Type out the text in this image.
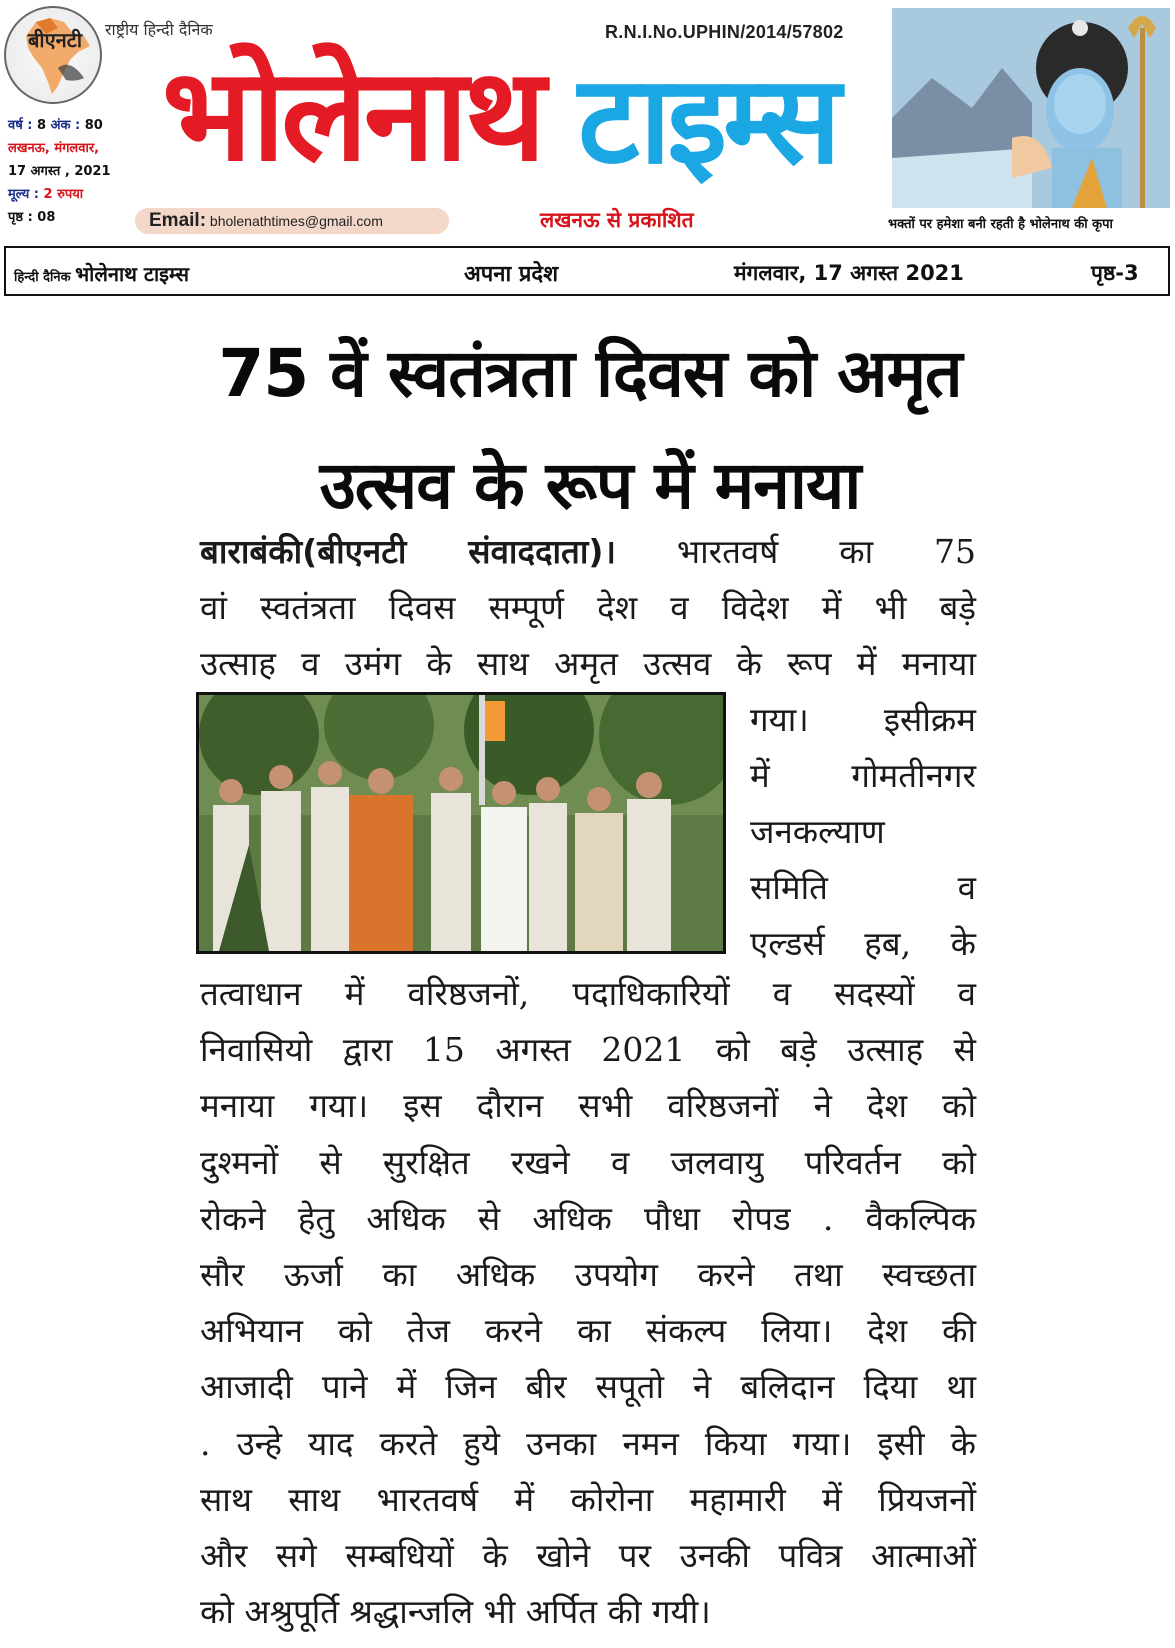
बीएनटी राष्ट्रीय हिन्दी दैनिक	R.N.I.No.UPHIN/2014/57802
वर्ष : 8 अंक : 80
लखनऊ, मंगलवार,
17 अगस्त , 2021
मूल्य : 2 रुपया
पृष्ठ : 08
भोलेनाथ टाइम्स
Email: bholenathtimes@gmail.com	लखनऊ से प्रकाशित	भक्तों पर हमेशा बनी रहती है भोलेनाथ की कृपा
हिन्दी दैनिक भोलेनाथ टाइम्स	अपना प्रदेश	मंगलवार, 17 अगस्त 2021	पृष्ठ-3
75 वें स्वतंत्रता दिवस को अमृत
उत्सव के रूप में मनाया
बाराबंकी(बीएनटी संवाददाता)। भारतवर्ष का 75
वां स्वतंत्रता दिवस सम्पूर्ण देश व विदेश में भी बड़े
उत्साह व उमंग के साथ अमृत उत्सव के रूप में मनाया
गया। इसीक्रम
में गोमतीनगर
जनकल्याण
समिति व
एल्डर्स हब, के
तत्वाधान में वरिष्ठजनों, पदाधिकारियों व सदस्यों व
निवासियो द्वारा 15 अगस्त 2021 को बड़े उत्साह से
मनाया गया। इस दौरान सभी वरिष्ठजनों ने देश को
दुश्मनों से सुरक्षित रखने व जलवायु परिवर्तन को
रोकने हेतु अधिक से अधिक पौधा रोपड . वैकल्पिक
सौर ऊर्जा का अधिक उपयोग करने तथा स्वच्छता
अभियान को तेज करने का संकल्प लिया। देश की
आजादी पाने में जिन बीर सपूतो ने बलिदान दिया था
. उन्हे याद करते हुये उनका नमन किया गया। इसी के
साथ साथ भारतवर्ष में कोरोना महामारी में प्रियजनों
और सगे सम्बधियों के खोने पर उनकी पवित्र आत्माओं
को अश्रुपूर्ति श्रद्धान्जलि भी अर्पित की गयी।
